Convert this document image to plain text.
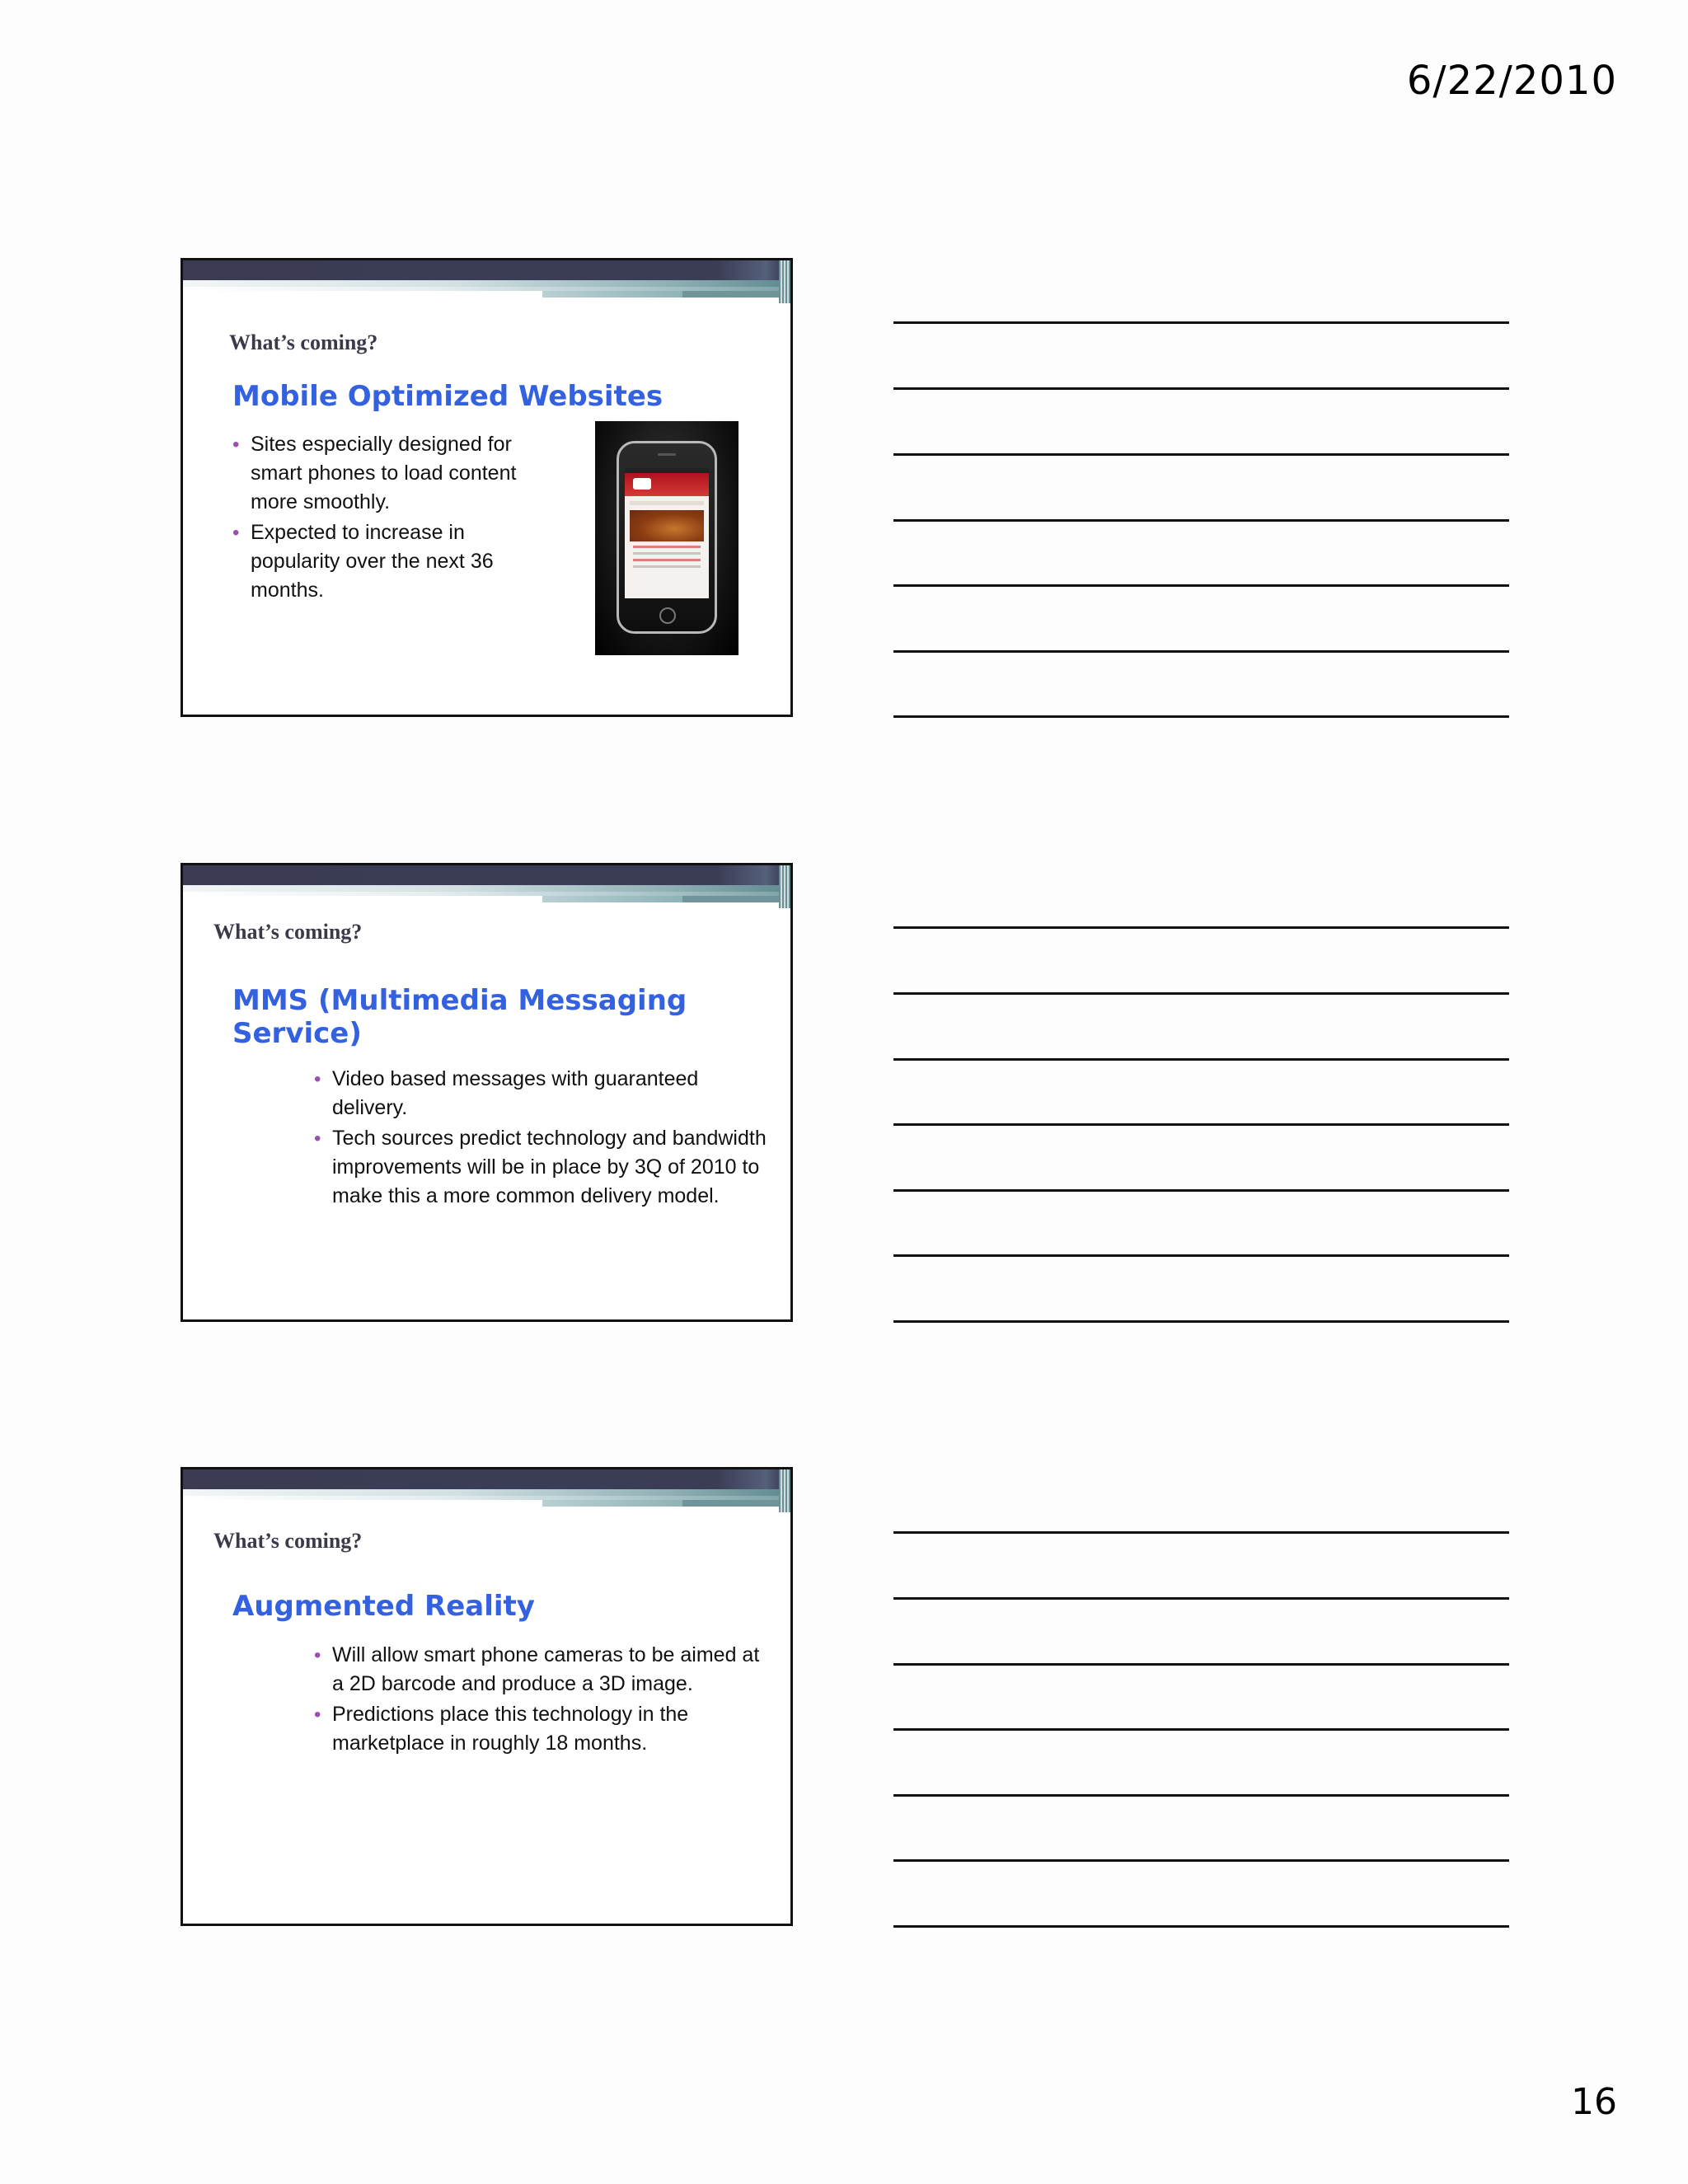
6/22/2010
What’s coming?
Mobile Optimized Websites
• Sites especially designed for smart phones to load content more smoothly.
• Expected to increase in popularity over the next 36 months.
What’s coming?
MMS (Multimedia Messaging Service)
• Video based messages with guaranteed delivery.
• Tech sources predict technology and bandwidth improvements will be in place by 3Q of 2010 to make this a more common delivery model.
What’s coming?
Augmented Reality
• Will allow smart phone cameras to be aimed at a 2D barcode and produce a 3D image.
• Predictions place this technology in the marketplace in roughly 18 months.
16
